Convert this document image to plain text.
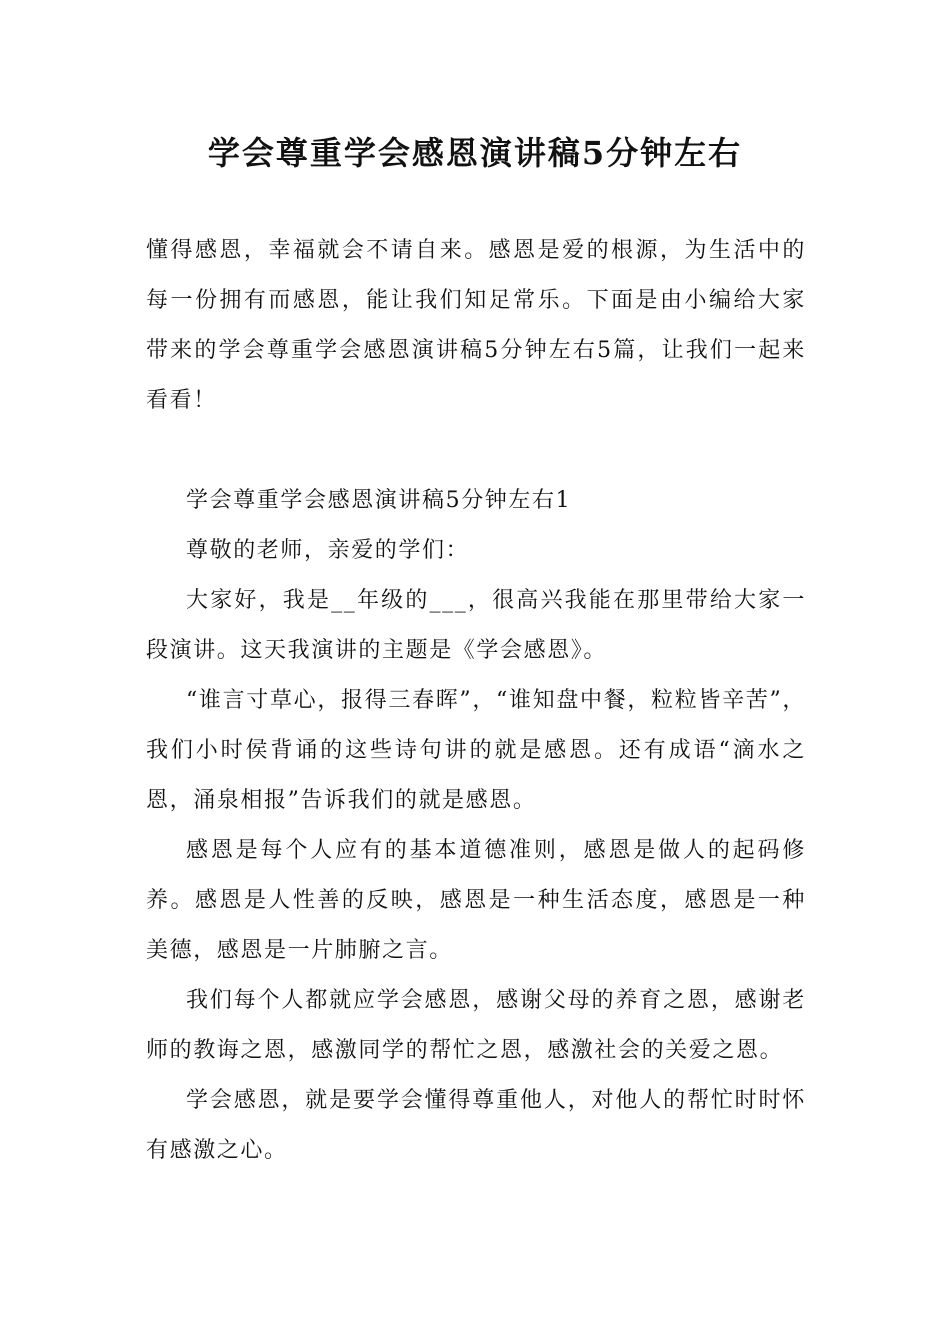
学会尊重学会感恩演讲稿5分钟左右

懂得感恩，幸福就会不请自来。感恩是爱的根源，为生活中的每一份拥有而感恩，能让我们知足常乐。下面是由小编给大家带来的学会尊重学会感恩演讲稿5分钟左右5篇，让我们一起来看看！

学会尊重学会感恩演讲稿5分钟左右1

尊敬的老师，亲爱的学们：

大家好，我是__年级的___，很高兴我能在那里带给大家一段演讲。这天我演讲的主题是《学会感恩》。

“谁言寸草心，报得三春晖”，“谁知盘中餐，粒粒皆辛苦”，我们小时侯背诵的这些诗句讲的就是感恩。还有成语“滴水之恩，涌泉相报”告诉我们的就是感恩。

感恩是每个人应有的基本道德准则，感恩是做人的起码修养。感恩是人性善的反映，感恩是一种生活态度，感恩是一种美德，感恩是一片肺腑之言。

我们每个人都就应学会感恩，感谢父母的养育之恩，感谢老师的教诲之恩，感激同学的帮忙之恩，感激社会的关爱之恩。

学会感恩，就是要学会懂得尊重他人，对他人的帮忙时时怀有感激之心。
